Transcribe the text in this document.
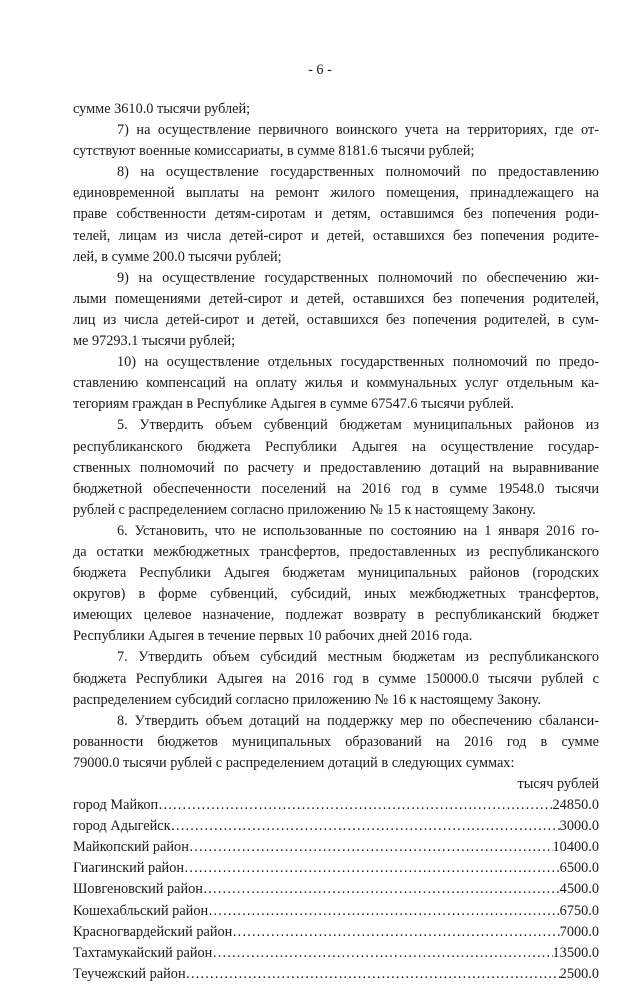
- 6 -
сумме 3610.0 тысячи рублей;
7) на осуществление первичного воинского учета на территориях, где от-
сутствуют военные комиссариаты, в сумме 8181.6 тысячи рублей;
8) на осуществление государственных полномочий по предоставлению
единовременной выплаты на ремонт жилого помещения, принадлежащего на
праве собственности детям-сиротам и детям, оставшимся без попечения роди-
телей, лицам из числа детей-сирот и детей, оставшихся без попечения родите-
лей, в сумме 200.0 тысячи рублей;
9) на осуществление государственных полномочий по обеспечению жи-
лыми помещениями детей-сирот и детей, оставшихся без попечения родителей,
лиц из числа детей-сирот и детей, оставшихся без попечения родителей, в сум-
ме 97293.1 тысячи рублей;
10) на осуществление отдельных государственных полномочий по предо-
ставлению компенсаций на оплату жилья и коммунальных услуг отдельным ка-
тегориям граждан в Республике Адыгея в сумме 67547.6 тысячи рублей.
5. Утвердить объем субвенций бюджетам муниципальных районов из
республиканского бюджета Республики Адыгея на осуществление государ-
ственных полномочий по расчету и предоставлению дотаций на выравнивание
бюджетной обеспеченности поселений на 2016 год в сумме 19548.0 тысячи
рублей с распределением согласно приложению № 15 к настоящему Закону.
6. Установить, что не использованные по состоянию на 1 января 2016 го-
да остатки межбюджетных трансфертов, предоставленных из республиканского
бюджета Республики Адыгея бюджетам муниципальных районов (городских
округов) в форме субвенций, субсидий, иных межбюджетных трансфертов,
имеющих целевое назначение, подлежат возврату в республиканский бюджет
Республики Адыгея в течение первых 10 рабочих дней 2016 года.
7. Утвердить объем субсидий местным бюджетам из республиканского
бюджета Республики Адыгея на 2016 год в сумме 150000.0 тысячи рублей с
распределением субсидий согласно приложению № 16 к настоящему Закону.
8. Утвердить объем дотаций на поддержку мер по обеспечению сбаланси-
рованности бюджетов муниципальных образований на 2016 год в сумме
79000.0 тысячи рублей с распределением дотаций в следующих суммах:
тысяч рублей
город Майкоп ………………………………………………………………………………………………………………………………………………	24850.0
город Адыгейск ………………………………………………………………………………………………………………………………………………	3000.0
Майкопский район ………………………………………………………………………………………………………………………………………………	10400.0
Гиагинский район ………………………………………………………………………………………………………………………………………………	6500.0
Шовгеновский район ………………………………………………………………………………………………………………………………………………	4500.0
Кошехабльский район ………………………………………………………………………………………………………………………………………………	6750.0
Красногвардейский район ………………………………………………………………………………………………………………………………………………	7000.0
Тахтамукайский район ………………………………………………………………………………………………………………………………………………	13500.0
Теучежский район ………………………………………………………………………………………………………………………………………………	2500.0
